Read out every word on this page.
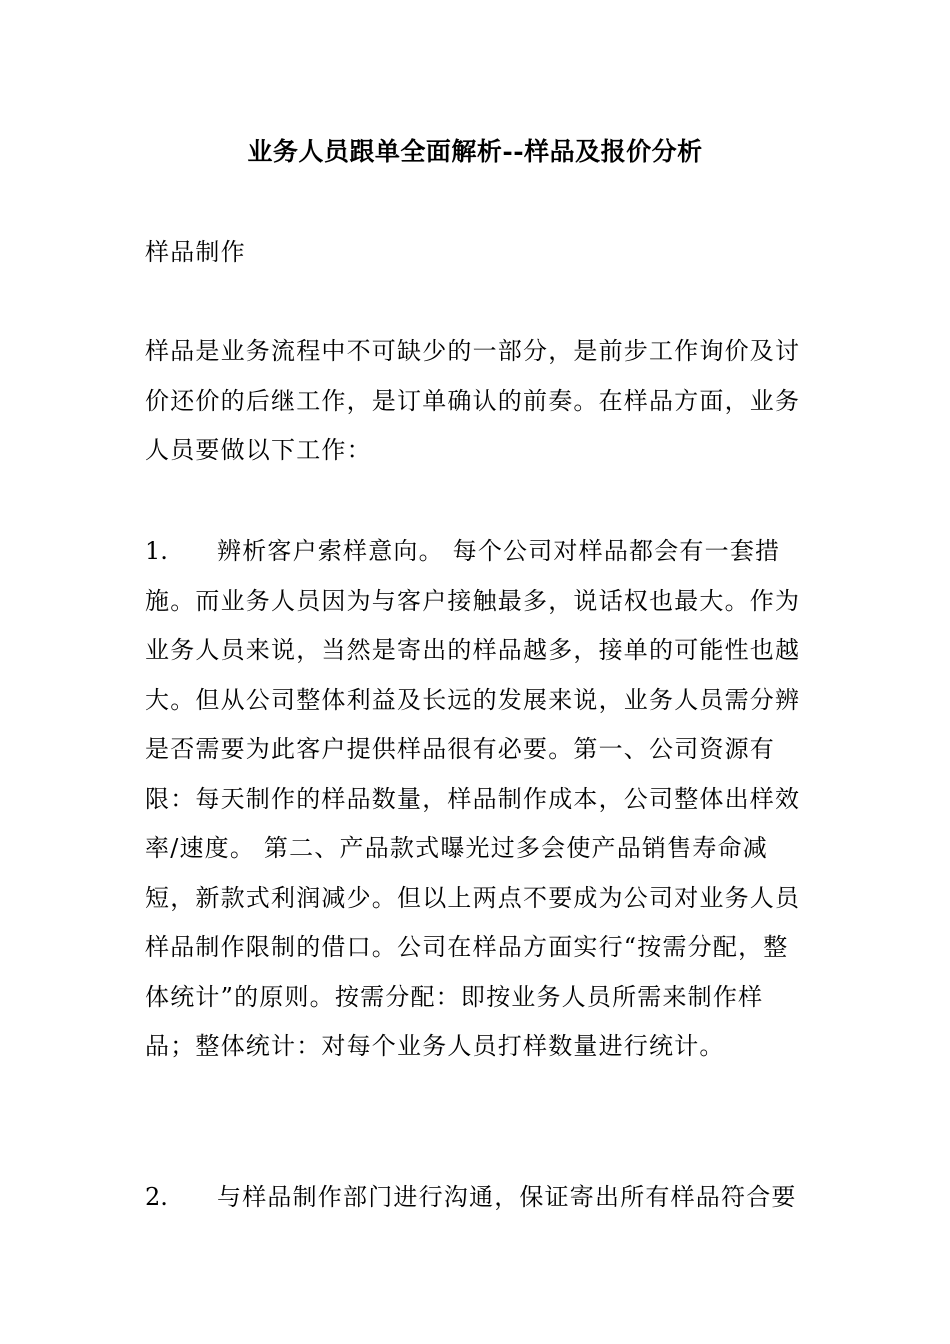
业务人员跟单全面解析--样品及报价分析
样品制作
样品是业务流程中不可缺少的一部分，是前步工作询价及讨价还价的后继工作，是订单确认的前奏。在样品方面，业务人员要做以下工作：
1. 辨析客户索样意向。 每个公司对样品都会有一套措施。而业务人员因为与客户接触最多，说话权也最大。作为业务人员来说，当然是寄出的样品越多，接单的可能性也越大。但从公司整体利益及长远的发展来说，业务人员需分辨是否需要为此客户提供样品很有必要。第一、公司资源有限：每天制作的样品数量，样品制作成本，公司整体出样效率/速度。 第二、产品款式曝光过多会使产品销售寿命减短，新款式利润减少。但以上两点不要成为公司对业务人员样品制作限制的借口。公司在样品方面实行“按需分配，整体统计”的原则。按需分配：即按业务人员所需来制作样品；整体统计：对每个业务人员打样数量进行统计。
2. 与样品制作部门进行沟通，保证寄出所有样品符合要
